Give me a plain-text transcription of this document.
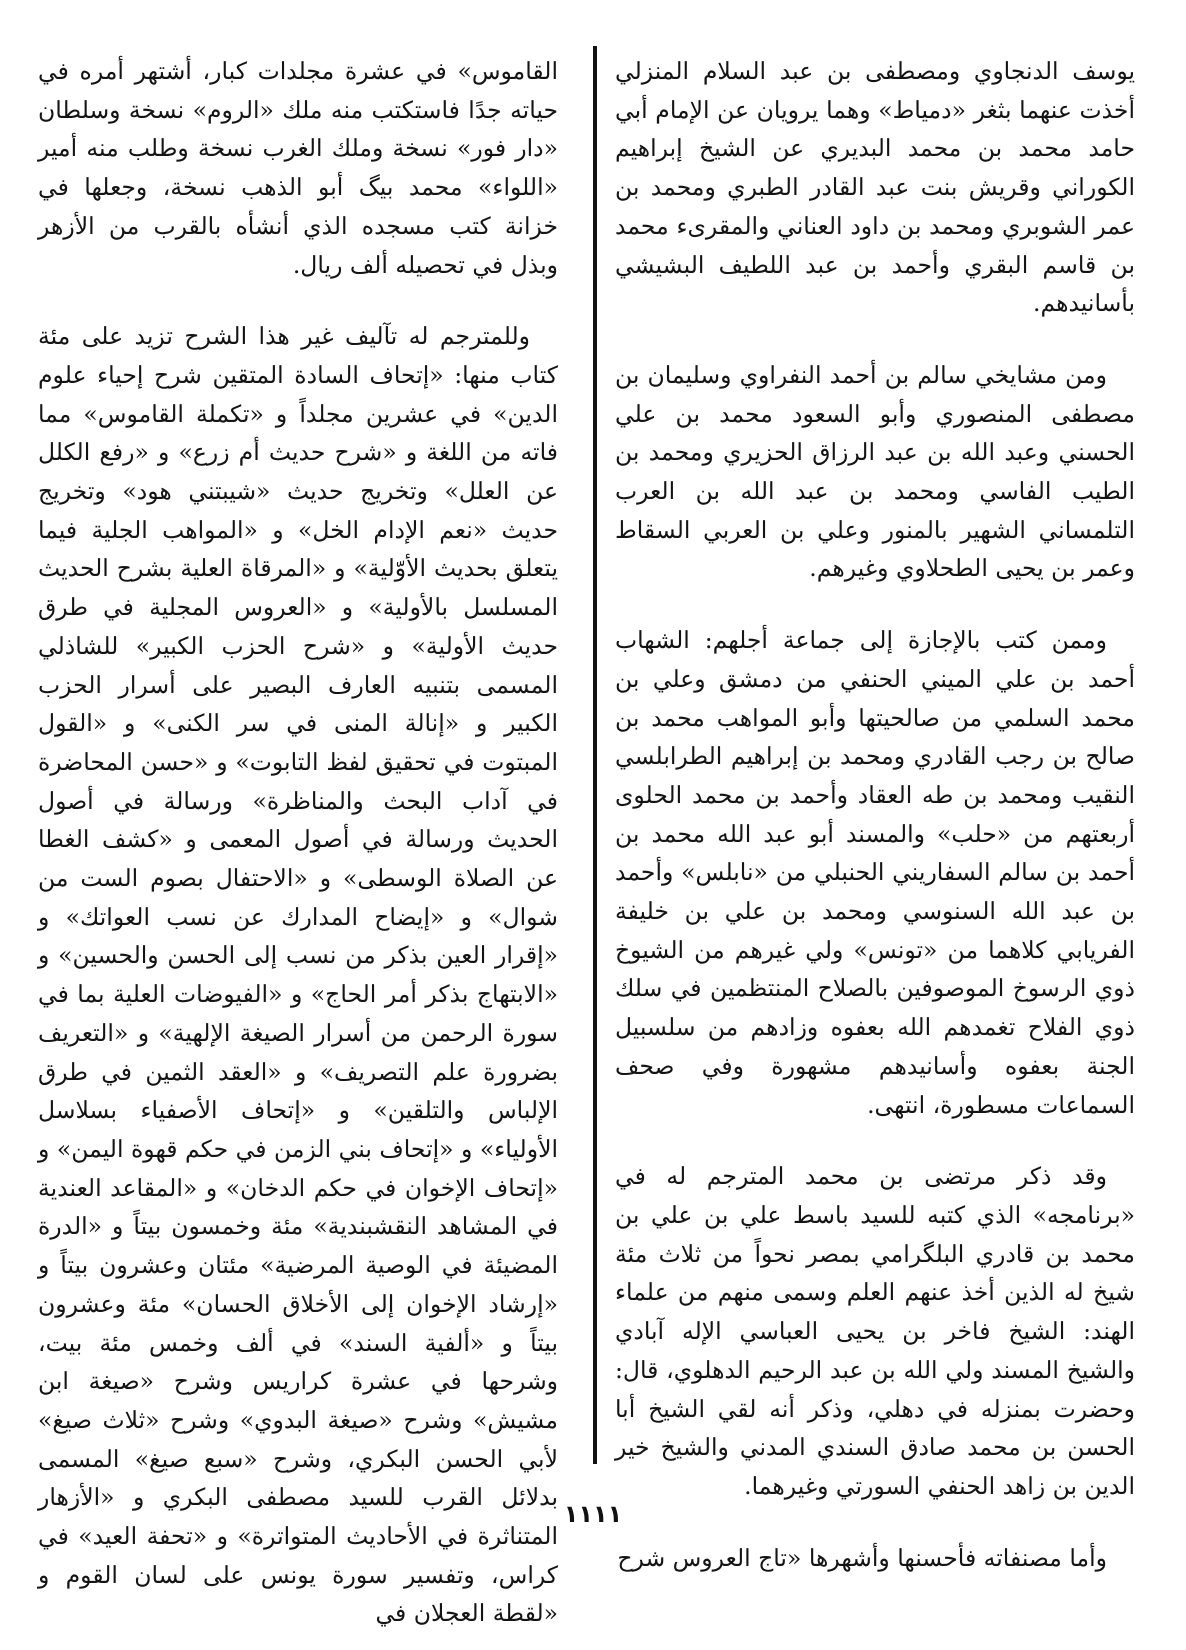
يوسف الدنجاوي ومصطفى بن عبد السلام المنزلي أخذت عنهما بثغر «دمياط» وهما يرويان عن الإمام أبي حامد محمد بن محمد البديري عن الشيخ إبراهيم الكوراني وقريش بنت عبد القادر الطبري ومحمد بن عمر الشوبري ومحمد بن داود العناني والمقرىء محمد بن قاسم البقري وأحمد بن عبد اللطيف البشيشي بأسانيدهم.

ومن مشايخي سالم بن أحمد النفراوي وسليمان بن مصطفى المنصوري وأبو السعود محمد بن علي الحسني وعبد الله بن عبد الرزاق الحزيري ومحمد بن الطيب الفاسي ومحمد بن عبد الله بن العرب التلمساني الشهير بالمنور وعلي بن العربي السقاط وعمر بن يحيى الطحلاوي وغيرهم.

وممن كتب بالإجازة إلى جماعة أجلهم: الشهاب أحمد بن علي الميني الحنفي من دمشق وعلي بن محمد السلمي من صالحيتها وأبو المواهب محمد بن صالح بن رجب القادري ومحمد بن إبراهيم الطرابلسي النقيب ومحمد بن طه العقاد وأحمد بن محمد الحلوى أربعتهم من «حلب» والمسند أبو عبد الله محمد بن أحمد بن سالم السفاريني الحنبلي من «نابلس» وأحمد بن عبد الله السنوسي ومحمد بن علي بن خليفة الفريابي كلاهما من «تونس» ولي غيرهم من الشيوخ ذوي الرسوخ الموصوفين بالصلاح المنتظمين في سلك ذوي الفلاح تغمدهم الله بعفوه وزادهم من سلسبيل الجنة بعفوه وأسانيدهم مشهورة وفي صحف السماعات مسطورة، انتهى.

وقد ذكر مرتضى بن محمد المترجم له في «برنامجه» الذي كتبه للسيد باسط علي بن علي بن محمد بن قادري البلگرامي بمصر نحواً من ثلاث مئة شيخ له الذين أخذ عنهم العلم وسمى منهم من علماء الهند: الشيخ فاخر بن يحيى العباسي الإله آبادي والشيخ المسند ولي الله بن عبد الرحيم الدهلوي، قال: وحضرت بمنزله في دهلي، وذكر أنه لقي الشيخ أبا الحسن بن محمد صادق السندي المدني والشيخ خير الدين بن زاهد الحنفي السورتي وغيرهما.

وأما مصنفاته فأحسنها وأشهرها «تاج العروس شرح

القاموس» في عشرة مجلدات كبار، أشتهر أمره في حياته جدًا فاستكتب منه ملك «الروم» نسخة وسلطان «دار فور» نسخة وملك الغرب نسخة وطلب منه أمير «اللواء» محمد بيگ أبو الذهب نسخة، وجعلها في خزانة كتب مسجده الذي أنشأه بالقرب من الأزهر وبذل في تحصيله ألف ريال.

وللمترجم له تآليف غير هذا الشرح تزيد على مئة كتاب منها: «إتحاف السادة المتقين شرح إحياء علوم الدين» في عشرين مجلداً و «تكملة القاموس» مما فاته من اللغة و «شرح حديث أم زرع» و «رفع الكلل عن العلل» وتخريج حديث «شيبتني هود» وتخريج حديث «نعم الإدام الخل» و «المواهب الجلية فيما يتعلق بحديث الأوّلية» و «المرقاة العلية بشرح الحديث المسلسل بالأولية» و «العروس المجلية في طرق حديث الأولية» و «شرح الحزب الكبير» للشاذلي المسمى بتنبيه العارف البصير على أسرار الحزب الكبير و «إنالة المنى في سر الكنى» و «القول المبتوت في تحقيق لفظ التابوت» و «حسن المحاضرة في آداب البحث والمناظرة» ورسالة في أصول الحديث ورسالة في أصول المعمى و «كشف الغطا عن الصلاة الوسطى» و «الاحتفال بصوم الست من شوال» و «إيضاح المدارك عن نسب العواتك» و «إقرار العين بذكر من نسب إلى الحسن والحسين» و «الابتهاج بذكر أمر الحاج» و «الفيوضات العلية بما في سورة الرحمن من أسرار الصيغة الإلهية» و «التعريف بضرورة علم التصريف» و «العقد الثمين في طرق الإلباس والتلقين» و «إتحاف الأصفياء بسلاسل الأولياء» و «إتحاف بني الزمن في حكم قهوة اليمن» و «إتحاف الإخوان في حكم الدخان» و «المقاعد العندية في المشاهد النقشبندية» مئة وخمسون بيتاً و «الدرة المضيئة في الوصية المرضية» مئتان وعشرون بيتاً و «إرشاد الإخوان إلى الأخلاق الحسان» مئة وعشرون بيتاً و «ألفية السند» في ألف وخمس مئة بيت، وشرحها في عشرة كراريس وشرح «صيغة ابن مشيش» وشرح «صيغة البدوي» وشرح «ثلاث صيغ» لأبي الحسن البكري، وشرح «سبع صيغ» المسمى بدلائل القرب للسيد مصطفى البكري و «الأزهار المتناثرة في الأحاديث المتواترة» و «تحفة العيد» في كراس، وتفسير سورة يونس على لسان القوم و «لقطة العجلان في

١١١١
